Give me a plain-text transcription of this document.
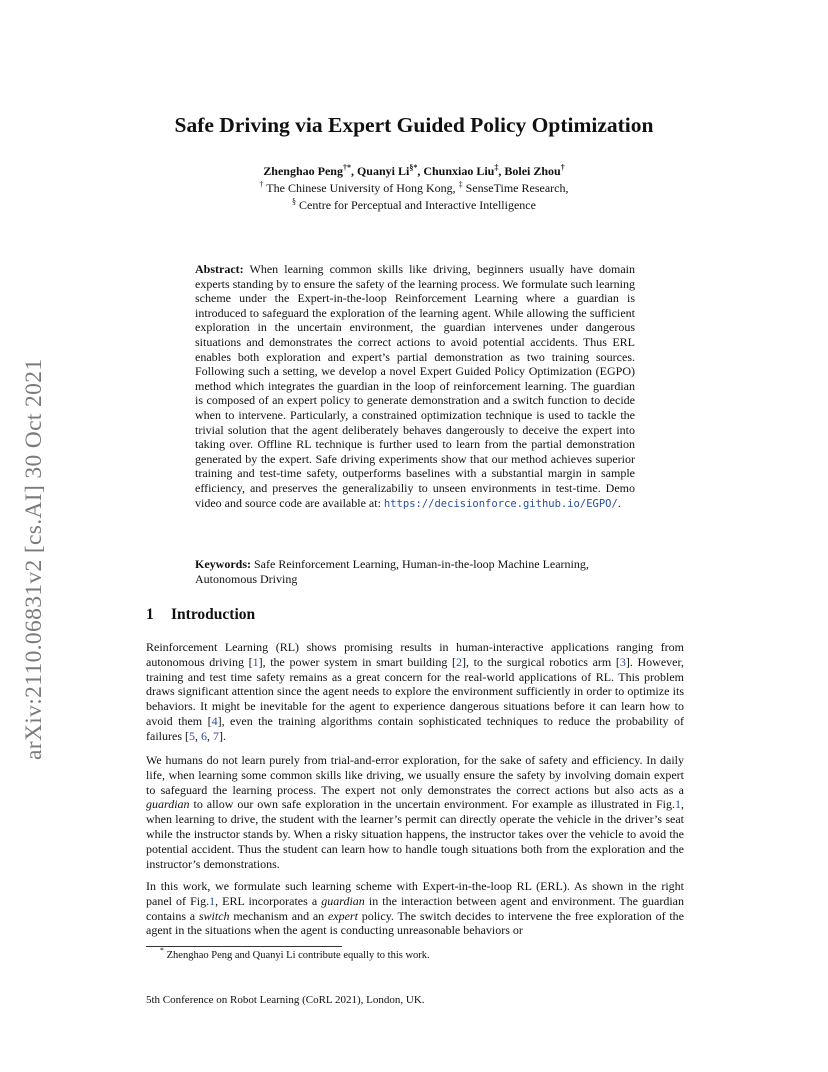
arXiv:2110.06831v2 [cs.AI] 30 Oct 2021
Safe Driving via Expert Guided Policy Optimization
Zhenghao Peng†*, Quanyi Li§*, Chunxiao Liu‡, Bolei Zhou†
† The Chinese University of Hong Kong, ‡ SenseTime Research,
§ Centre for Perceptual and Interactive Intelligence

Abstract: When learning common skills like driving, beginners usually have domain experts standing by to ensure the safety of the learning process. We formulate such learning scheme under the Expert-in-the-loop Reinforcement Learning where a guardian is introduced to safeguard the exploration of the learning agent. While allowing the sufficient exploration in the uncertain environment, the guardian intervenes under dangerous situations and demonstrates the correct actions to avoid potential accidents. Thus ERL enables both exploration and expert’s partial demonstration as two training sources. Following such a setting, we develop a novel Expert Guided Policy Optimization (EGPO) method which integrates the guardian in the loop of reinforcement learning. The guardian is composed of an expert policy to generate demonstration and a switch function to decide when to intervene. Particularly, a constrained optimization technique is used to tackle the trivial solution that the agent deliberately behaves dangerously to deceive the expert into taking over. Offline RL technique is further used to learn from the partial demonstration generated by the expert. Safe driving experiments show that our method achieves superior training and test-time safety, outperforms baselines with a substantial margin in sample efficiency, and preserves the generalizabiliy to unseen environments in test-time. Demo video and source code are available at: https://decisionforce.github.io/EGPO/.

Keywords: Safe Reinforcement Learning, Human-in-the-loop Machine Learning, Autonomous Driving

1 Introduction

Reinforcement Learning (RL) shows promising results in human-interactive applications ranging from autonomous driving [1], the power system in smart building [2], to the surgical robotics arm [3]. However, training and test time safety remains as a great concern for the real-world applications of RL. This problem draws significant attention since the agent needs to explore the environment sufficiently in order to optimize its behaviors. It might be inevitable for the agent to experience dangerous situations before it can learn how to avoid them [4], even the training algorithms contain sophisticated techniques to reduce the probability of failures [5, 6, 7].

We humans do not learn purely from trial-and-error exploration, for the sake of safety and efficiency. In daily life, when learning some common skills like driving, we usually ensure the safety by involving domain expert to safeguard the learning process. The expert not only demonstrates the correct actions but also acts as a guardian to allow our own safe exploration in the uncertain environment. For example as illustrated in Fig.1, when learning to drive, the student with the learner’s permit can directly operate the vehicle in the driver’s seat while the instructor stands by. When a risky situation happens, the instructor takes over the vehicle to avoid the potential accident. Thus the student can learn how to handle tough situations both from the exploration and the instructor’s demonstrations.

In this work, we formulate such learning scheme with Expert-in-the-loop RL (ERL). As shown in the right panel of Fig.1, ERL incorporates a guardian in the interaction between agent and environment. The guardian contains a switch mechanism and an expert policy. The switch decides to intervene the free exploration of the agent in the situations when the agent is conducting unreasonable behaviors or

* Zhenghao Peng and Quanyi Li contribute equally to this work.

5th Conference on Robot Learning (CoRL 2021), London, UK.
